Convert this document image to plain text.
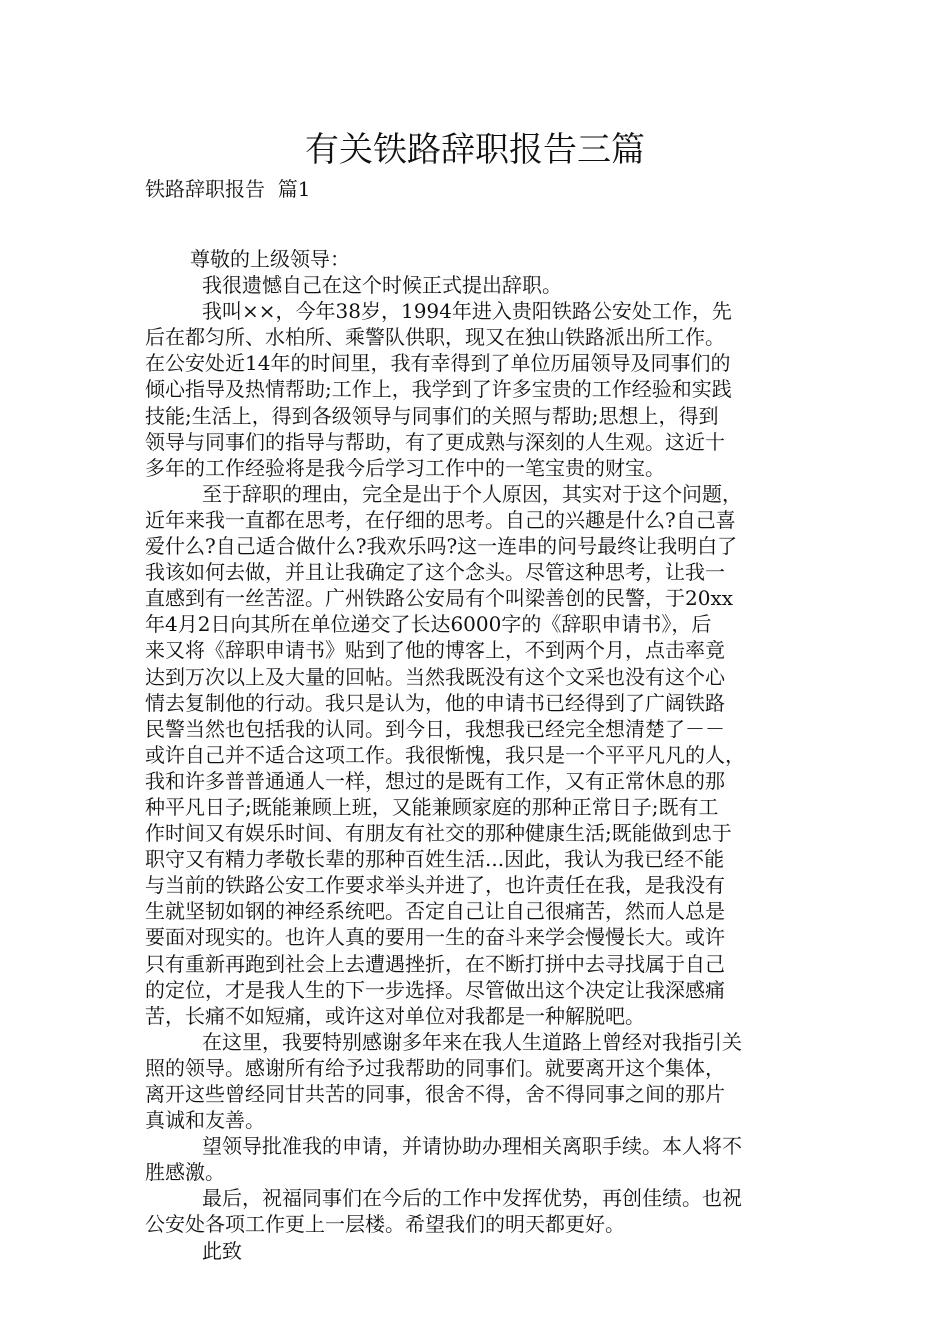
有关铁路辞职报告三篇
铁路辞职报告  篇1
尊敬的上级领导：
我很遗憾自己在这个时候正式提出辞职。
我叫××，今年38岁，1994年进入贵阳铁路公安处工作，先
后在都匀所、水柏所、乘警队供职，现又在独山铁路派出所工作。
在公安处近14年的时间里，我有幸得到了单位历届领导及同事们的
倾心指导及热情帮助;工作上，我学到了许多宝贵的工作经验和实践
技能;生活上，得到各级领导与同事们的关照与帮助;思想上，得到
领导与同事们的指导与帮助，有了更成熟与深刻的人生观。这近十
多年的工作经验将是我今后学习工作中的一笔宝贵的财宝。
至于辞职的理由，完全是出于个人原因，其实对于这个问题，
近年来我一直都在思考，在仔细的思考。自己的兴趣是什么?自己喜
爱什么?自己适合做什么?我欢乐吗?这一连串的问号最终让我明白了
我该如何去做，并且让我确定了这个念头。尽管这种思考，让我一
直感到有一丝苦涩。广州铁路公安局有个叫梁善创的民警，于20xx
年4月2日向其所在单位递交了长达6000字的《辞职申请书》，后
来又将《辞职申请书》贴到了他的博客上，不到两个月，点击率竟
达到万次以上及大量的回帖。当然我既没有这个文采也没有这个心
情去复制他的行动。我只是认为，他的申请书已经得到了广阔铁路
民警当然也包括我的认同。到今日，我想我已经完全想清楚了－－
或许自己并不适合这项工作。我很惭愧，我只是一个平平凡凡的人，
我和许多普普通通人一样，想过的是既有工作，又有正常休息的那
种平凡日子;既能兼顾上班，又能兼顾家庭的那种正常日子;既有工
作时间又有娱乐时间、有朋友有社交的那种健康生活;既能做到忠于
职守又有精力孝敬长辈的那种百姓生活...因此，我认为我已经不能
与当前的铁路公安工作要求举头并进了，也许责任在我，是我没有
生就坚韧如钢的神经系统吧。否定自己让自己很痛苦，然而人总是
要面对现实的。也许人真的要用一生的奋斗来学会慢慢长大。或许
只有重新再跑到社会上去遭遇挫折，在不断打拼中去寻找属于自己
的定位，才是我人生的下一步选择。尽管做出这个决定让我深感痛
苦，长痛不如短痛，或许这对单位对我都是一种解脱吧。
在这里，我要特别感谢多年来在我人生道路上曾经对我指引关
照的领导。感谢所有给予过我帮助的同事们。就要离开这个集体，
离开这些曾经同甘共苦的同事，很舍不得，舍不得同事之间的那片
真诚和友善。
望领导批准我的申请，并请协助办理相关离职手续。本人将不
胜感激。
最后，祝福同事们在今后的工作中发挥优势，再创佳绩。也祝
公安处各项工作更上一层楼。希望我们的明天都更好。
此致
